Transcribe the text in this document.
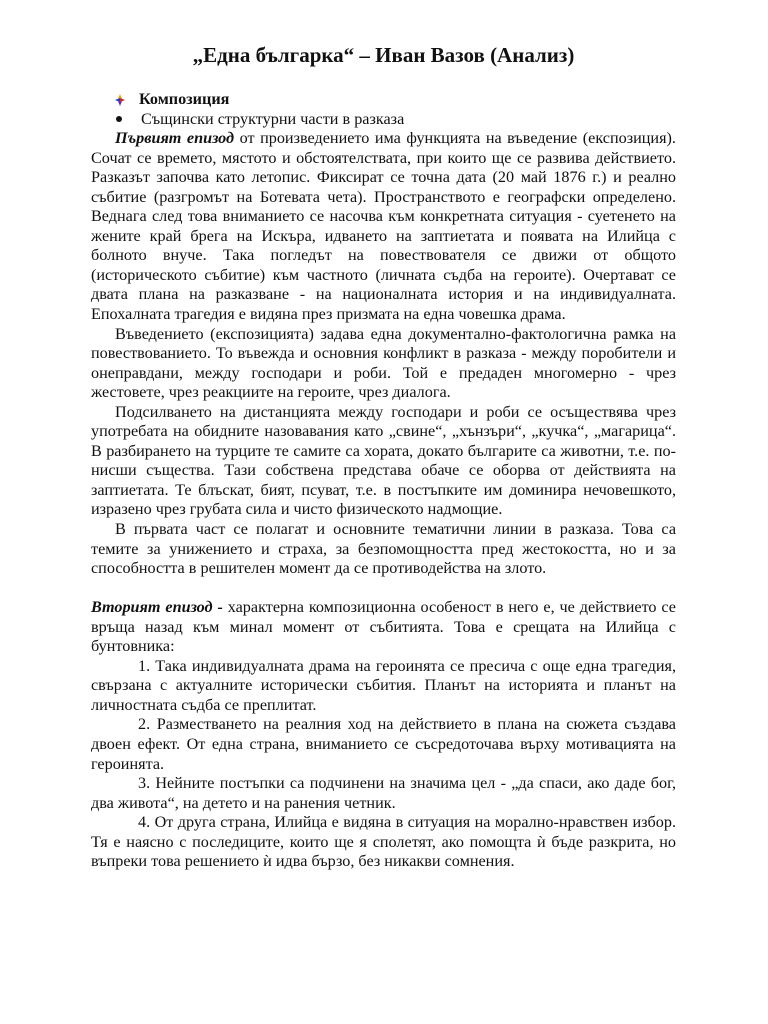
„Една българка“ – Иван Вазов (Анализ)
Композиция
Същински структурни части в разказа

Първият епизод от произведението има функцията на въведение (експозиция). Сочат се времето, мястото и обстоятелствата, при които ще се развива действието. Разказът започва като летопис. Фиксират се точна дата (20 май 1876 г.) и реално събитие (разгромът на Ботевата чета). Пространството е географски определено. Веднага след това вниманието се насочва към конкретната ситуация - суетенето на жените край брега на Искъра, идването на заптиетата и появата на Илийца с болното внуче. Така погледът на повествователя се движи от общото (историческото събитие) към частното (личната съдба на героите). Очертават се двата плана на разказване - на националната история и на индивидуалната. Епохалната трагедия е видяна през призмата на една човешка драма.

Въведението (експозицията) задава една документално-фактологична рамка на повествованието. То въвежда и основния конфликт в разказа - между поробители и онеправдани, между господари и роби. Той е предаден многомерно - чрез жестовете, чрез реакциите на героите, чрез диалога.

Подсилването на дистанцията между господари и роби се осъществява чрез употребата на обидните назовавания като „свине“, „хънзъри“, „кучка“, „магарица“. В разбирането на турците те самите са хората, докато българите са животни, т.е. по-нисши същества. Тази собствена представа обаче се оборва от действията на заптиетата. Те блъскат, бият, псуват, т.е. в постъпките им доминира нечовешкото, изразено чрез грубата сила и чисто физическото надмощие.

В първата част се полагат и основните тематични линии в разказа. Това са темите за унижението и страха, за безпомощността пред жестокостта, но и за способността в решителен момент да се противодейства на злото.

Вторият епизод - характерна композиционна особеност в него е, че действието се връща назад към минал момент от събитията. Това е срещата на Илийца с бунтовника:

1. Така индивидуалната драма на героинята се пресича с още една трагедия, свързана с актуалните исторически събития. Планът на историята и планът на личностната съдба се преплитат.

2. Разместването на реалния ход на действието в плана на сюжета създава двоен ефект. От една страна, вниманието се съсредоточава върху мотивацията на героинята.

3. Нейните постъпки са подчинени на значима цел - „да спаси, ако даде бог, два живота“, на детето и на ранения четник.

4. От друга страна, Илийца е видяна в ситуация на морално-нравствен избор. Тя е наясно с последиците, които ще я сполетят, ако помощта ѝ бъде разкрита, но въпреки това решението ѝ идва бързо, без никакви сомнения.
